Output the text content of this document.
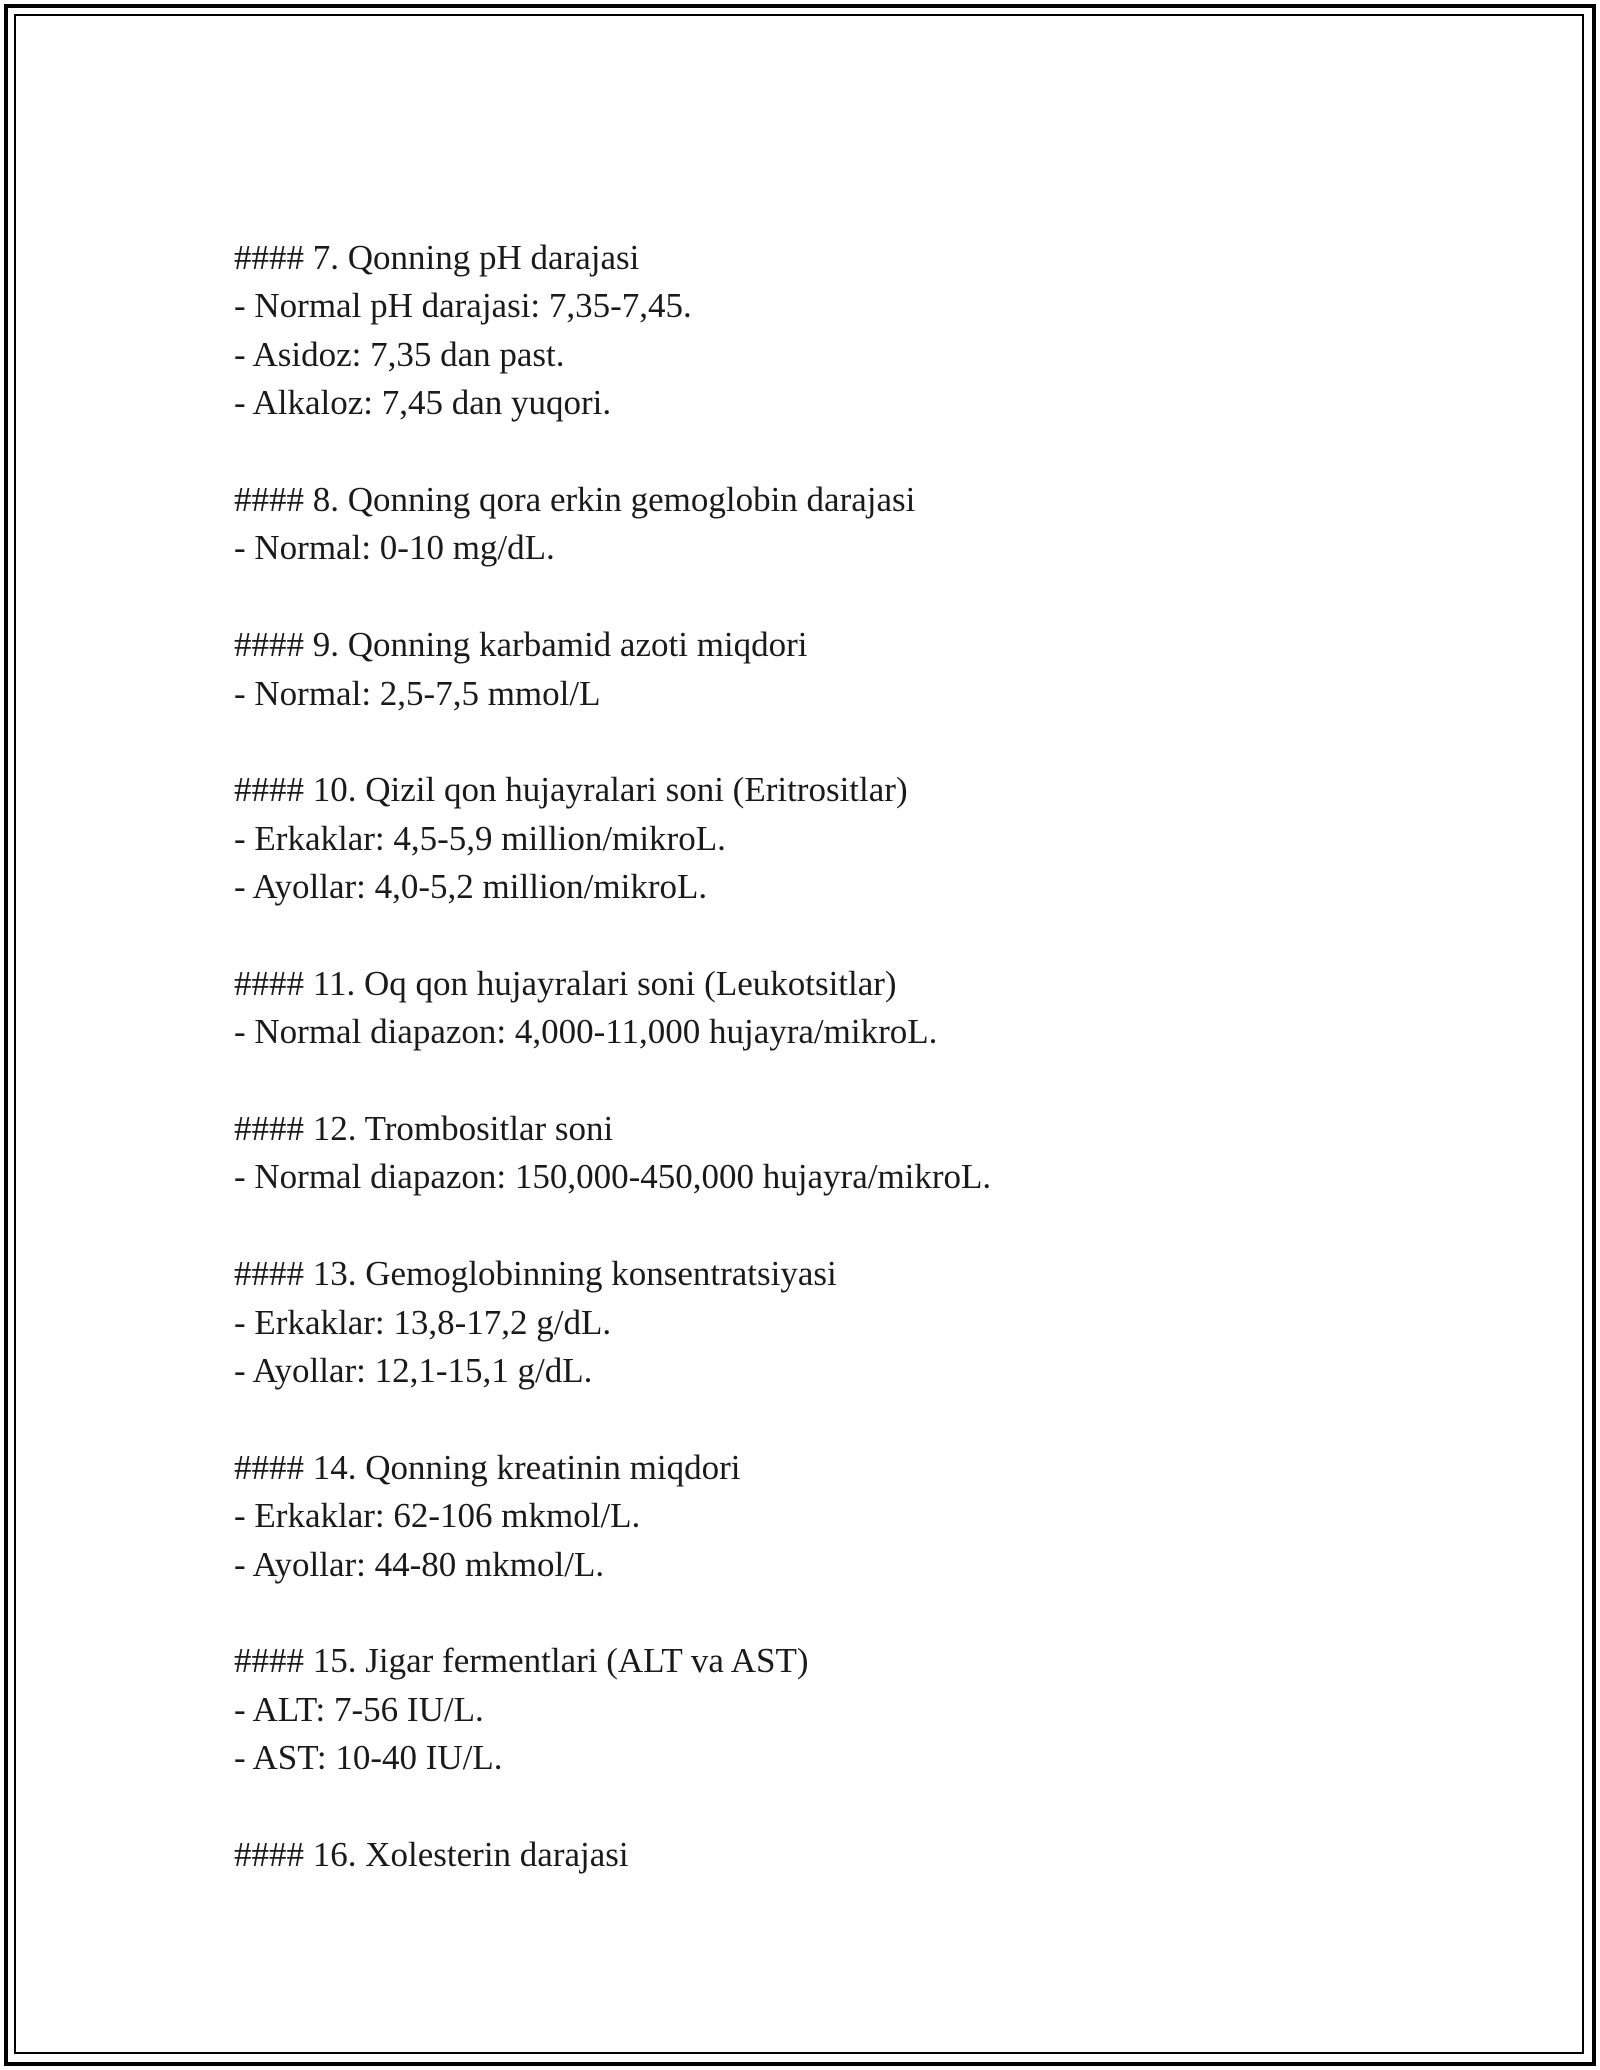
#### 7. Qonning pH darajasi
- Normal pH darajasi: 7,35-7,45.
- Asidoz: 7,35 dan past.
- Alkaloz: 7,45 dan yuqori.
#### 8. Qonning qora erkin gemoglobin darajasi
- Normal: 0-10 mg/dL.
#### 9. Qonning karbamid azoti miqdori
- Normal: 2,5-7,5 mmol/L
#### 10. Qizil qon hujayralari soni (Eritrositlar)
- Erkaklar: 4,5-5,9 million/mikroL.
- Ayollar: 4,0-5,2 million/mikroL.
#### 11. Oq qon hujayralari soni (Leukotsitlar)
- Normal diapazon: 4,000-11,000 hujayra/mikroL.
#### 12. Trombositlar soni
- Normal diapazon: 150,000-450,000 hujayra/mikroL.
#### 13. Gemoglobinning konsentratsiyasi
- Erkaklar: 13,8-17,2 g/dL.
- Ayollar: 12,1-15,1 g/dL.
#### 14. Qonning kreatinin miqdori
- Erkaklar: 62-106 mkmol/L.
- Ayollar: 44-80 mkmol/L.
#### 15. Jigar fermentlari (ALT va AST)
- ALT: 7-56 IU/L.
- AST: 10-40 IU/L.
#### 16. Xolesterin darajasi
